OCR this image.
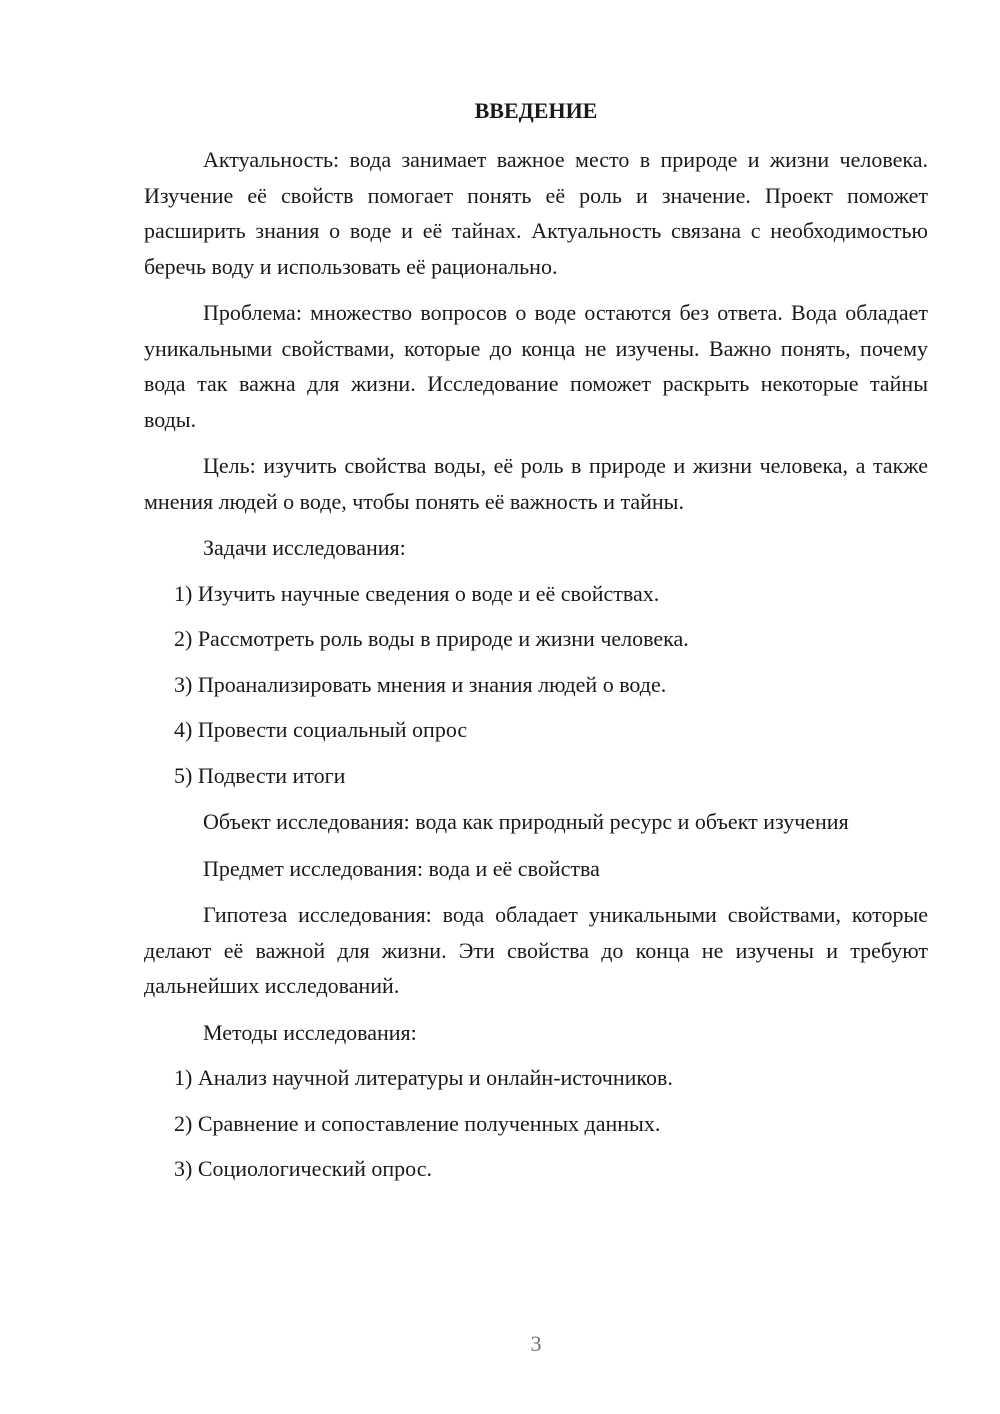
ВВЕДЕНИЕ

Актуальность: вода занимает важное место в природе и жизни человека. Изучение её свойств помогает понять её роль и значение. Проект поможет расширить знания о воде и её тайнах. Актуальность связана с необходимостью беречь воду и использовать её рационально.

Проблема: множество вопросов о воде остаются без ответа. Вода обладает уникальными свойствами, которые до конца не изучены. Важно понять, почему вода так важна для жизни. Исследование поможет раскрыть некоторые тайны воды.

Цель: изучить свойства воды, её роль в природе и жизни человека, а также мнения людей о воде, чтобы понять её важность и тайны.

Задачи исследования:

1) Изучить научные сведения о воде и её свойствах.
2) Рассмотреть роль воды в природе и жизни человека.
3) Проанализировать мнения и знания людей о воде.
4) Провести социальный опрос
5) Подвести итоги

Объект исследования: вода как природный ресурс и объект изучения

Предмет исследования: вода и её свойства

Гипотеза исследования: вода обладает уникальными свойствами, которые делают её важной для жизни. Эти свойства до конца не изучены и требуют дальнейших исследований.

Методы исследования:

1) Анализ научной литературы и онлайн-источников.
2) Сравнение и сопоставление полученных данных.
3) Социологический опрос.
3
